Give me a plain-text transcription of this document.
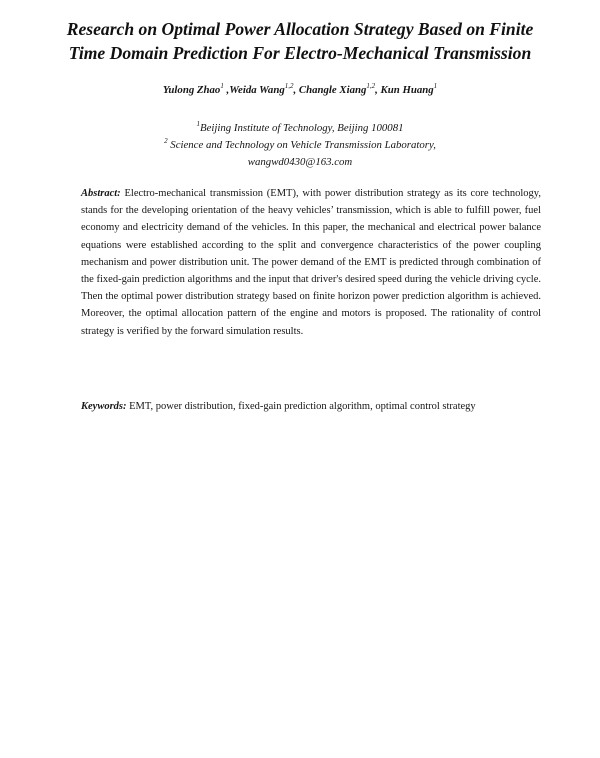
Research on Optimal Power Allocation Strategy Based on Finite
Time Domain Prediction For Electro-Mechanical Transmission
Yulong Zhao$^1$ ,Weida Wang$^{1,2}$, Changle Xiang$^{1,2}$, Kun Huang$^1$
$^1$Beijing Institute of Technology, Beijing 100081
$^2$ Science and Technology on Vehicle Transmission Laboratory,
wangwd0430@163.com
Abstract: Electro-mechanical transmission (EMT), with power distribution strategy as its core technology, stands for the developing orientation of the heavy vehicles’ transmission, which is able to fulfill power, fuel economy and electricity demand of the vehicles. In this paper, the mechanical and electrical power balance equations were established according to the split and convergence characteristics of the power coupling mechanism and power distribution unit. The power demand of the EMT is predicted through combination of the fixed-gain prediction algorithms and the input that driver's desired speed during the vehicle driving cycle. Then the optimal power distribution strategy based on finite horizon power prediction algorithm is achieved. Moreover, the optimal allocation pattern of the engine and motors is proposed. The rationality of control strategy is verified by the forward simulation results.
Keywords: EMT, power distribution, fixed-gain prediction algorithm, optimal control strategy
